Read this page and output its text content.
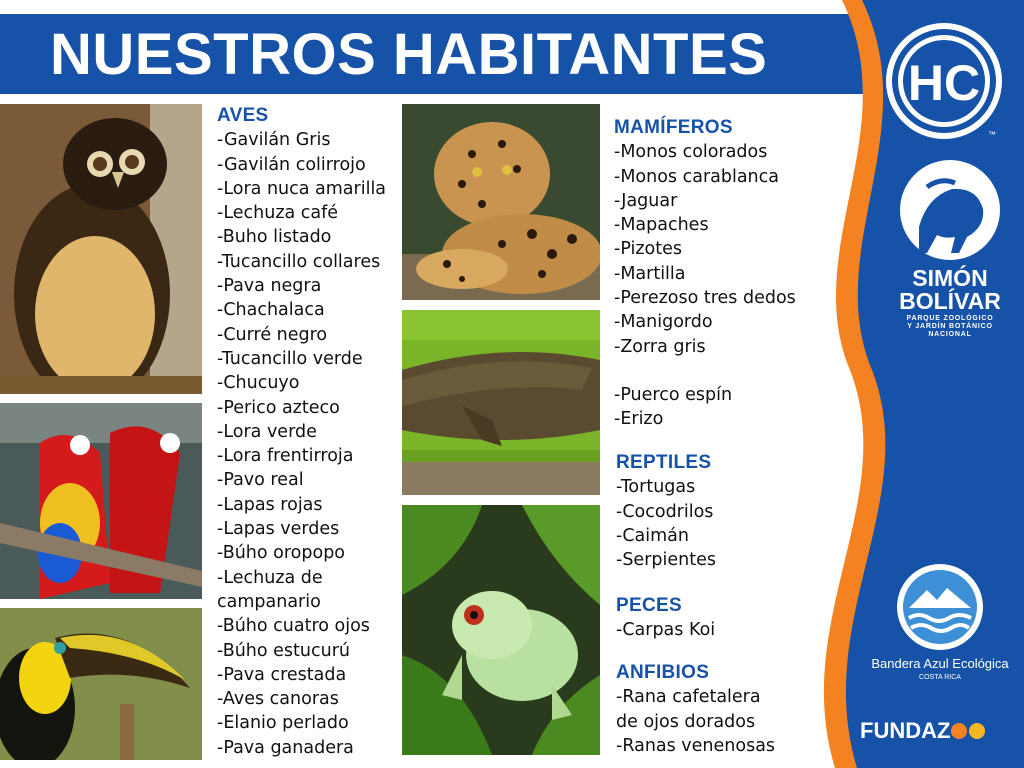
NUESTROS HABITANTES	HC
™
SIMÓN
BOLÍVAR
PARQUE ZOOLÓGICO
Y JARDÍN BOTÁNICO
NACIONAL
Bandera Azul Ecológica
COSTA RICA
FUNDAZ
AVES
-Gavilán Gris
-Gavilán colirrojo
-Lora nuca amarilla
-Lechuza café
-Buho listado
-Tucancillo collares
-Pava negra
-Chachalaca
-Curré negro
-Tucancillo verde
-Chucuyo
-Perico azteco
-Lora verde
-Lora frentirroja
-Pavo real
-Lapas rojas
-Lapas verdes
-Búho oropopo
-Lechuza de
campanario
-Búho cuatro ojos
-Búho estucurú
-Pava crestada
-Aves canoras
-Elanio perlado
-Pava ganadera
MAMÍFEROS
-Monos colorados
-Monos carablanca
-Jaguar
-Mapaches
-Pizotes
-Martilla
-Perezoso tres dedos
-Manigordo
-Zorra gris
-Puerco espín
-Erizo
REPTILES
-Tortugas
-Cocodrilos
-Caimán
-Serpientes
PECES
-Carpas Koi
ANFIBIOS
-Rana cafetalera
de ojos dorados
-Ranas venenosas
